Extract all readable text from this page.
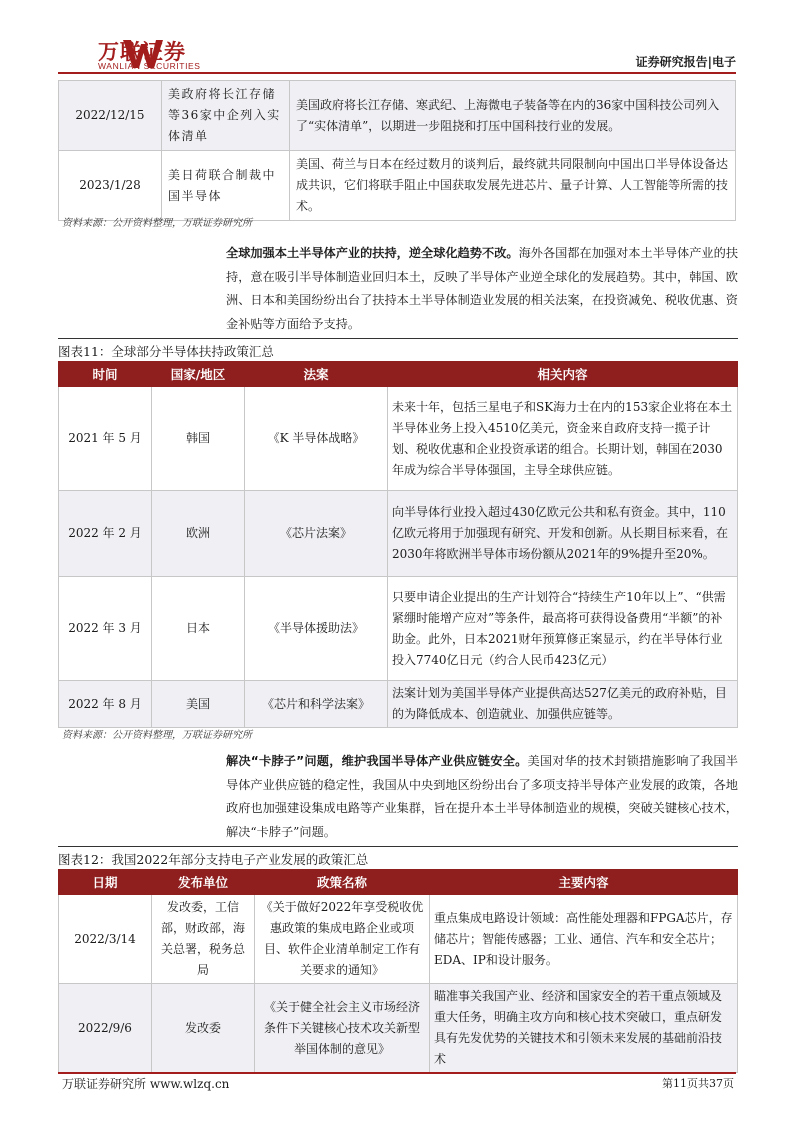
万联证券
WANLIAN SECURITIES	证券研究报告|电子
2022/12/15	美政府将长江存储等36家中企列入实体清单	美国政府将长江存储、寒武纪、上海微电子装备等在内的36家中国科技公司列入了“实体清单”，以期进一步阻挠和打压中国科技行业的发展。
2023/1/28	美日荷联合制裁中国半导体	美国、荷兰与日本在经过数月的谈判后，最终就共同限制向中国出口半导体设备达成共识，它们将联手阻止中国获取发展先进芯片、量子计算、人工智能等所需的技术。
资料来源：公开资料整理，万联证券研究所
全球加强本土半导体产业的扶持，逆全球化趋势不改。海外各国都在加强对本土半导体产业的扶持，意在吸引半导体制造业回归本土，反映了半导体产业逆全球化的发展趋势。其中，韩国、欧洲、日本和美国纷纷出台了扶持本土半导体制造业发展的相关法案，在投资减免、税收优惠、资金补贴等方面给予支持。
图表11：全球部分半导体扶持政策汇总
时间	国家/地区	法案	相关内容
2021 年 5 月	韩国	《K 半导体战略》	未来十年，包括三星电子和SK海力士在内的153家企业将在本土半导体业务上投入4510亿美元，资金来自政府支持一揽子计划、税收优惠和企业投资承诺的组合。长期计划，韩国在2030年成为综合半导体强国，主导全球供应链。
2022 年 2 月	欧洲	《芯片法案》	向半导体行业投入超过430亿欧元公共和私有资金。其中，110亿欧元将用于加强现有研究、开发和创新。从长期目标来看，在2030年将欧洲半导体市场份额从2021年的9%提升至20%。
2022 年 3 月	日本	《半导体援助法》	只要申请企业提出的生产计划符合“持续生产10年以上”、“供需紧绷时能增产应对”等条件，最高将可获得设备费用“半额”的补助金。此外，日本2021财年预算修正案显示，约在半导体行业投入7740亿日元（约合人民币423亿元）
2022 年 8 月	美国	《芯片和科学法案》	法案计划为美国半导体产业提供高达527亿美元的政府补贴，目的为降低成本、创造就业、加强供应链等。
资料来源：公开资料整理，万联证券研究所
解决“卡脖子”问题，维护我国半导体产业供应链安全。美国对华的技术封锁措施影响了我国半导体产业供应链的稳定性，我国从中央到地区纷纷出台了多项支持半导体产业发展的政策，各地政府也加强建设集成电路等产业集群，旨在提升本土半导体制造业的规模，突破关键核心技术，解决“卡脖子”问题。
图表12：我国2022年部分支持电子产业发展的政策汇总
日期	发布单位	政策名称	主要内容
2022/3/14	发改委，工信部，财政部，海关总署，税务总局	《关于做好2022年享受税收优惠政策的集成电路企业或项目、软件企业清单制定工作有关要求的通知》	重点集成电路设计领域：高性能处理器和FPGA芯片，存储芯片；智能传感器；工业、通信、汽车和安全芯片；EDA、IP和设计服务。
2022/9/6	发改委	《关于健全社会主义市场经济条件下关键核心技术攻关新型举国体制的意见》	瞄准事关我国产业、经济和国家安全的若干重点领域及重大任务，明确主攻方向和核心技术突破口，重点研发具有先发优势的关键技术和引领未来发展的基础前沿技术
万联证券研究所 www.wlzq.cn	第11页共37页
